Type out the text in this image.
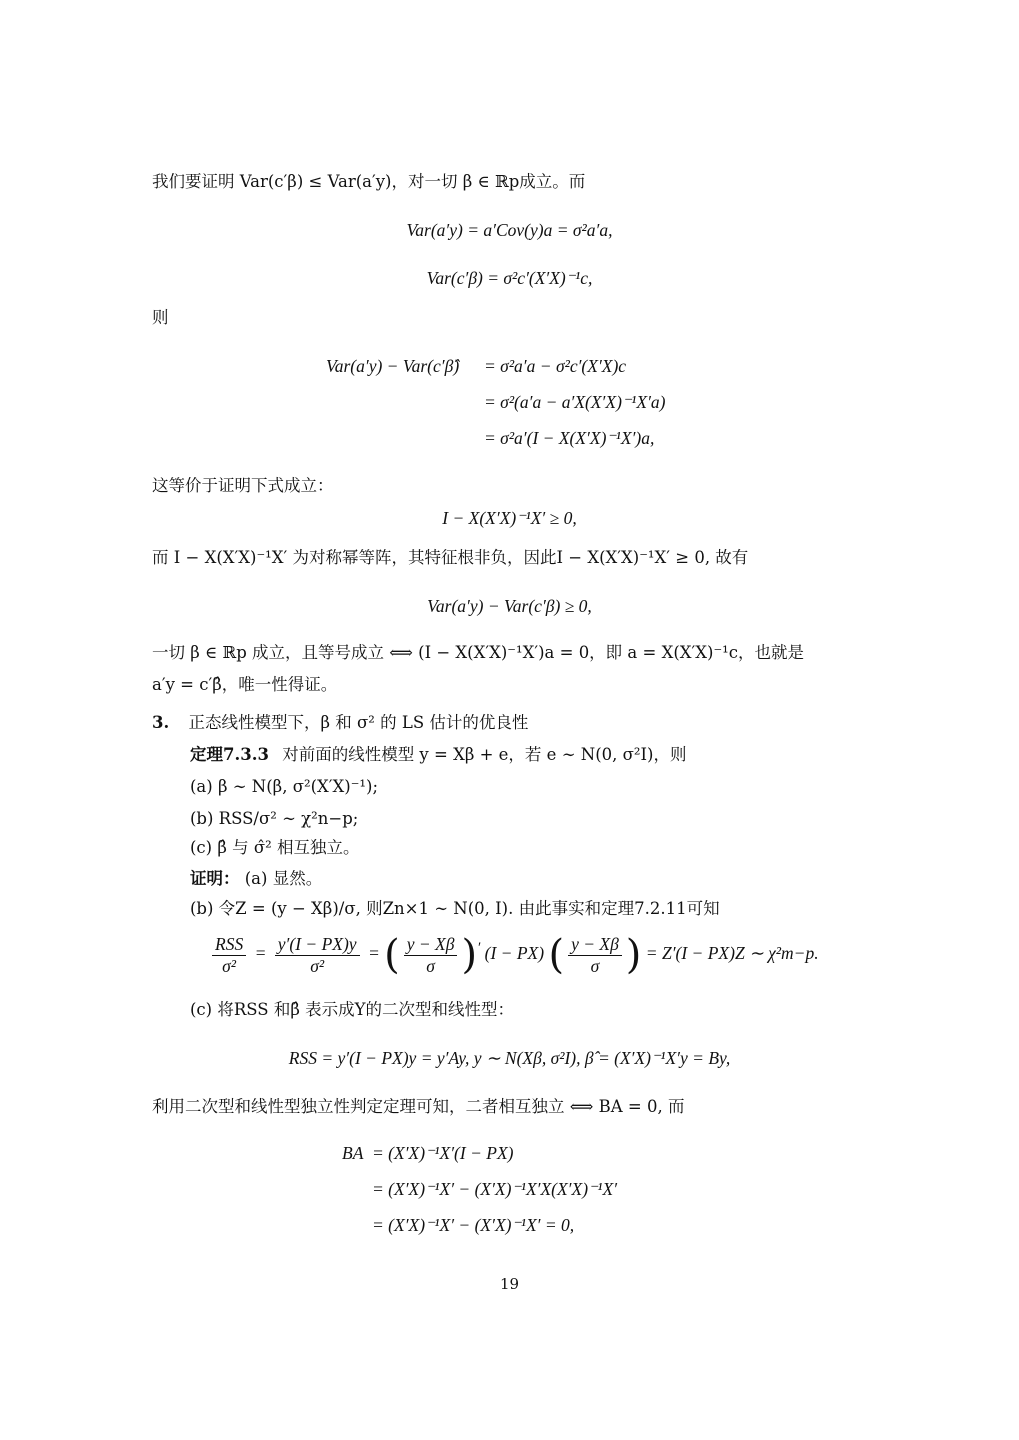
我们要证明 Var(c′β) ≤ Var(a′y)，对一切 β ∈ ℝp成立。而
Var(a′y) = a′Cov(y)a = σ²a′a,
Var(c′β) = σ²c′(X′X)⁻¹c,
则
Var(a′y) − Var(c′β̂) = σ²a′a − σ²c′(X′X)c
= σ²(a′a − a′X(X′X)⁻¹X′a)
= σ²a′(I − X(X′X)⁻¹X′)a,
这等价于证明下式成立：
I − X(X′X)⁻¹X′ ≥ 0,
而 I − X(X′X)⁻¹X′ 为对称幂等阵，其特征根非负，因此I − X(X′X)⁻¹X′ ≥ 0, 故有
Var(a′y) − Var(c′β) ≥ 0,
一切 β ∈ ℝp 成立，且等号成立 ⟺ (I − X(X′X)⁻¹X′)a = 0，即 a = X(X′X)⁻¹c，也就是
a′y = c′β̂，唯一性得证。
3. 正态线性模型下，β 和 σ² 的 LS 估计的优良性
定理7.3.3 对前面的线性模型 y = Xβ + e，若 e ∼ N(0, σ²I)，则
(a) β ∼ N(β, σ²(X′X)⁻¹);
(b) RSS/σ² ∼ χ²n−p;
(c) β̂ 与 σ̂² 相互独立。
证明： (a) 显然。
(b) 令Z = (y − Xβ)/σ, 则Zn×1 ∼ N(0, I). 由此事实和定理7.2.11可知
$\frac{\text{RSS}}{\text{σ²}} = \frac{y'(I - PX)y}{\text{σ²}}$ = ( $\frac{y - X\beta}{\sigma} )'$ (I − PX) ( $\frac{y - X\beta}{\sigma}$ ) = Z′(I − PX)Z ∼ χ²m−p.
(c) 将RSS 和β̂ 表示成Y的二次型和线性型：
RSS = y′(I − PX)y = y′Ay, y ∼ N(Xβ, σ²I), β̂ = (X′X)⁻¹X′y = By,
利用二次型和线性型独立性判定定理可知，二者相互独立 ⟺ BA = 0, 而
BA = (X′X)⁻¹X′(I − PX)
= (X′X)⁻¹X′ − (X′X)⁻¹X′X(X′X)⁻¹X′
= (X′X)⁻¹X′ − (X′X)⁻¹X′ = 0,
19
